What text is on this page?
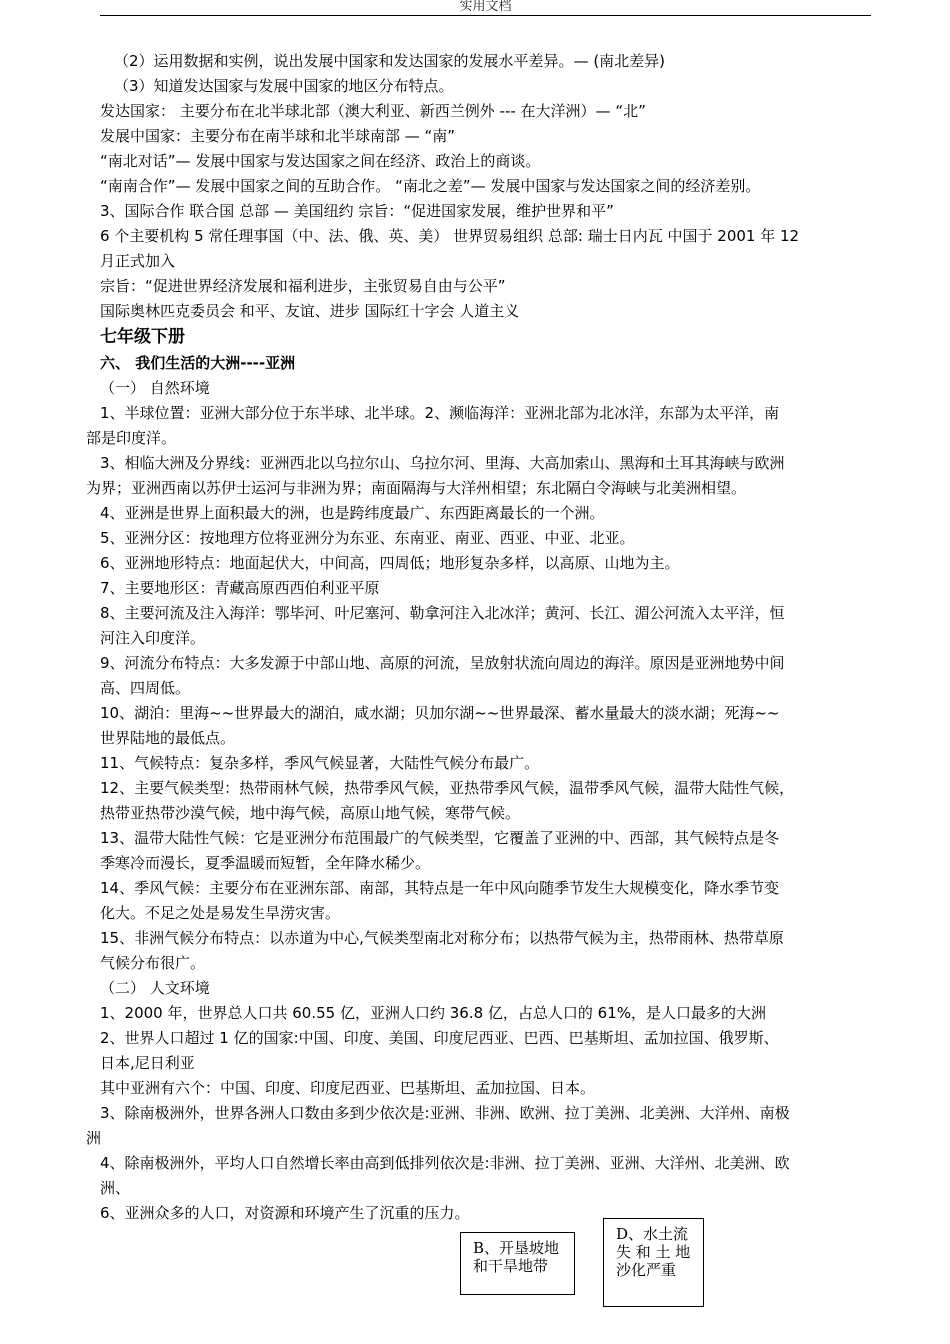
实用文档
（2）运用数据和实例，说出发展中国家和发达国家的发展水平差异。— (南北差异)
（3）知道发达国家与发展中国家的地区分布特点。
发达国家： 主要分布在北半球北部（澳大利亚、新西兰例外 --- 在大洋洲）— “北”
发展中国家：主要分布在南半球和北半球南部 — “南”
“南北对话”— 发展中国家与发达国家之间在经济、政治上的商谈。
“南南合作”— 发展中国家之间的互助合作。 “南北之差”— 发展中国家与发达国家之间的经济差别。
3、国际合作 联合国 总部 — 美国纽约 宗旨：“促进国家发展，维护世界和平”
6 个主要机构 5 常任理事国（中、法、俄、英、美） 世界贸易组织 总部: 瑞士日内瓦 中国于 2001 年 12
月正式加入
宗旨：“促进世界经济发展和福利进步，主张贸易自由与公平”
国际奥林匹克委员会 和平、友谊、进步 国际红十字会 人道主义
七年级下册
六、 我们生活的大洲----亚洲
（一） 自然环境
1、半球位置：亚洲大部分位于东半球、北半球。2、濒临海洋：亚洲北部为北冰洋，东部为太平洋，南
部是印度洋。
3、相临大洲及分界线：亚洲西北以乌拉尔山、乌拉尔河、里海、大高加索山、黑海和土耳其海峡与欧洲
为界；亚洲西南以苏伊士运河与非洲为界；南面隔海与大洋州相望；东北隔白令海峡与北美洲相望。
4、亚洲是世界上面积最大的洲，也是跨纬度最广、东西距离最长的一个洲。
5、亚洲分区：按地理方位将亚洲分为东亚、东南亚、南亚、西亚、中亚、北亚。
6、亚洲地形特点：地面起伏大，中间高，四周低；地形复杂多样，以高原、山地为主。
7、主要地形区：青藏高原西西伯利亚平原
8、主要河流及注入海洋：鄂毕河、叶尼塞河、勒拿河注入北冰洋；黄河、长江、湄公河流入太平洋，恒
河注入印度洋。
9、河流分布特点：大多发源于中部山地、高原的河流，呈放射状流向周边的海洋。原因是亚洲地势中间
高、四周低。
10、湖泊：里海~~世界最大的湖泊，咸水湖；贝加尔湖~~世界最深、蓄水量最大的淡水湖；死海~~
世界陆地的最低点。
11、气候特点：复杂多样，季风气候显著，大陆性气候分布最广。
12、主要气候类型：热带雨林气候，热带季风气候，亚热带季风气候，温带季风气候，温带大陆性气候，
热带亚热带沙漠气候，地中海气候，高原山地气候，寒带气候。
13、温带大陆性气候：它是亚洲分布范围最广的气候类型，它覆盖了亚洲的中、西部，其气候特点是冬
季寒冷而漫长，夏季温暖而短暂，全年降水稀少。
14、季风气候：主要分布在亚洲东部、南部，其特点是一年中风向随季节发生大规模变化，降水季节变
化大。不足之处是易发生旱涝灾害。
15、非洲气候分布特点：以赤道为中心,气候类型南北对称分布；以热带气候为主，热带雨林、热带草原
气候分布很广。
（二） 人文环境
1、2000 年，世界总人口共 60.55 亿，亚洲人口约 36.8 亿，占总人口的 61%，是人口最多的大洲
2、世界人口超过 1 亿的国家:中国、印度、美国、印度尼西亚、巴西、巴基斯坦、孟加拉国、俄罗斯、
日本,尼日利亚
其中亚洲有六个：中国、印度、印度尼西亚、巴基斯坦、孟加拉国、日本。
3、除南极洲外，世界各洲人口数由多到少依次是:亚洲、非洲、欧洲、拉丁美洲、北美洲、大洋州、南极
洲
4、除南极洲外，平均人口自然增长率由高到低排列依次是:非洲、拉丁美洲、亚洲、大洋州、北美洲、欧
洲、
6、亚洲众多的人口，对资源和环境产生了沉重的压力。
B、开垦坡地
和干旱地带
D、水土流
失 和 土 地
沙化严重
